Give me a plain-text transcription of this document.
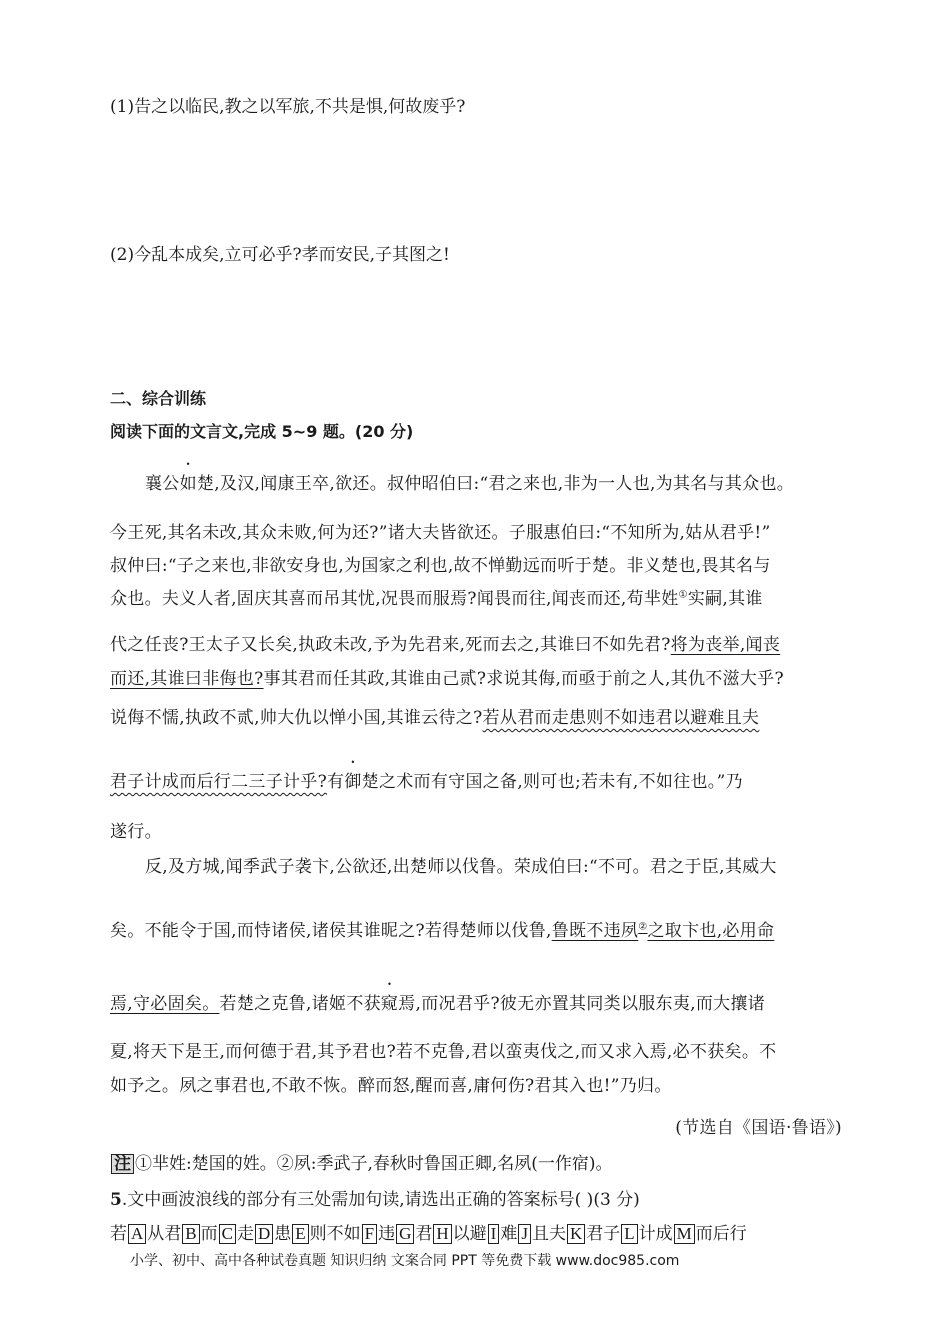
(1)告之以临民,教之以军旅,不共是惧,何故废乎?
(2)今乱本成矣,立可必乎?孝而安民,子其图之!
二、综合训练
阅读下面的文言文,完成 5~9 题。(20 分)
襄公如楚,及汉,闻康王卒,欲还。叔仲昭伯曰:“君之来也,非为一人也,为其名与其众也。
今王死,其名未改,其众未败,何为还?”诸大夫皆欲还。子服惠伯曰:“不知所为,姑从君乎!”
叔仲曰:“子之来也,非欲安身也,为国家之利也,故不惮勤远而听于楚。非义楚也,畏其名与
众也。夫义人者,固庆其喜而吊其忧,况畏而服焉?闻畏而往,闻丧而还,苟芈姓①实嗣,其谁
代之任丧?王太子又长矣,执政未改,予为先君来,死而去之,其谁曰不如先君?将为丧举,闻丧
而还,其谁曰非侮也?事其君而任其政,其谁由己贰?求说其侮,而亟于前之人,其仇不滋大乎?
说侮不懦,执政不贰,帅大仇以惮小国,其谁云待之?若从君而走患则不如违君以避难且夫
君子计成而后行二三子计乎?有御楚之术而有守国之备,则可也;若未有,不如往也。”乃
遂行。
反,及方城,闻季武子袭卞,公欲还,出楚师以伐鲁。荣成伯曰:“不可。君之于臣,其威大
矣。不能令于国,而恃诸侯,诸侯其谁昵之?若得楚师以伐鲁,鲁既不违夙②之取卞也,必用命
焉,守必固矣。若楚之克鲁,诸姬不获窥焉,而况君乎?彼无亦置其同类以服东夷,而大攘诸
夏,将天下是王,而何德于君,其予君也?若不克鲁,君以蛮夷伐之,而又求入焉,必不获矣。不
如予之。夙之事君也,不敢不恢。醉而怒,醒而喜,庸何伤?君其入也!”乃归。
(节选自《国语·鲁语》)
注 ①芈姓:楚国的姓。②夙:季武子,春秋时鲁国正卿,名夙(一作宿)。
5.文中画波浪线的部分有三处需加句读,请选出正确的答案标号( )(3 分)
若 A 从君 B 而 C 走 D 患 E 则不如 F 违 G 君 H 以避 I 难 J 且夫 K 君子 L 计成 M 而后行
小学、初中、高中各种试卷真题 知识归纳 文案合同 PPT 等免费下载 www.doc985.com
